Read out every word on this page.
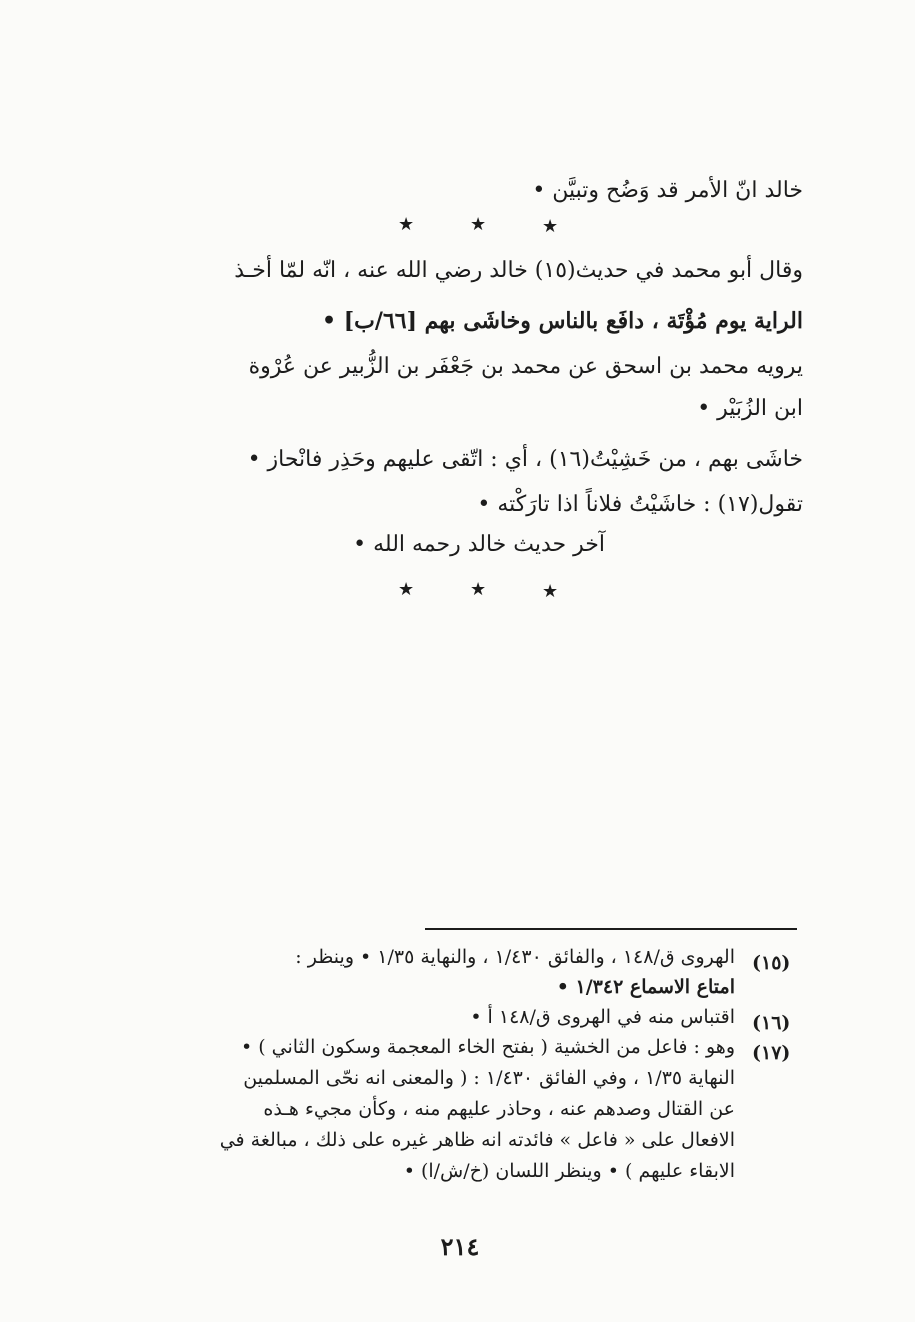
خالد انّ الأمر قد وَضُح وتبيَّن •
★	★	★
وقال أبو محمد في حديث(١٥) خالد رضي الله عنه ، انّه لمّا أخـذ
الراية يوم مُؤْتَة ، دافَع بالناس وخاشَى بهم [٦٦/ب] •
يرويه محمد بن اسحق عن محمد بن جَعْفَر بن الزُّبير عن عُرْوة
ابن الزُبَيْر •
خاشَى بهم ، من خَشِيْتُ(١٦) ، أي : اتّقى عليهم وحَذِر فانْحاز •
تقول(١٧) : خاشَيْتُ فلاناً اذا تارَكْته •
آخر حديث خالد رحمه الله •
★	★	★
(١٥)
الهروى ق/١٤٨ ، والفائق ١/٤٣٠ ، والنهاية ١/٣٥ • وينظر :
امتاع الاسماع ١/٣٤٢ •
(١٦)
اقتباس منه في الهروى ق/١٤٨ أ •
(١٧)
وهو : فاعل من الخشية ( بفتح الخاء المعجمة وسكون الثاني ) •
النهاية ١/٣٥ ، وفي الفائق ١/٤٣٠ : ( والمعنى انه نحّى المسلمين
عن القتال وصدهم عنه ، وحاذر عليهم منه ، وكأن مجيء هـذه
الافعال على « فاعل » فائدته انه ظاهر غيره على ذلك ، مبالغة في
الابقاء عليهم ) • وينظر اللسان (خ/ش/ا) •
٢١٤
